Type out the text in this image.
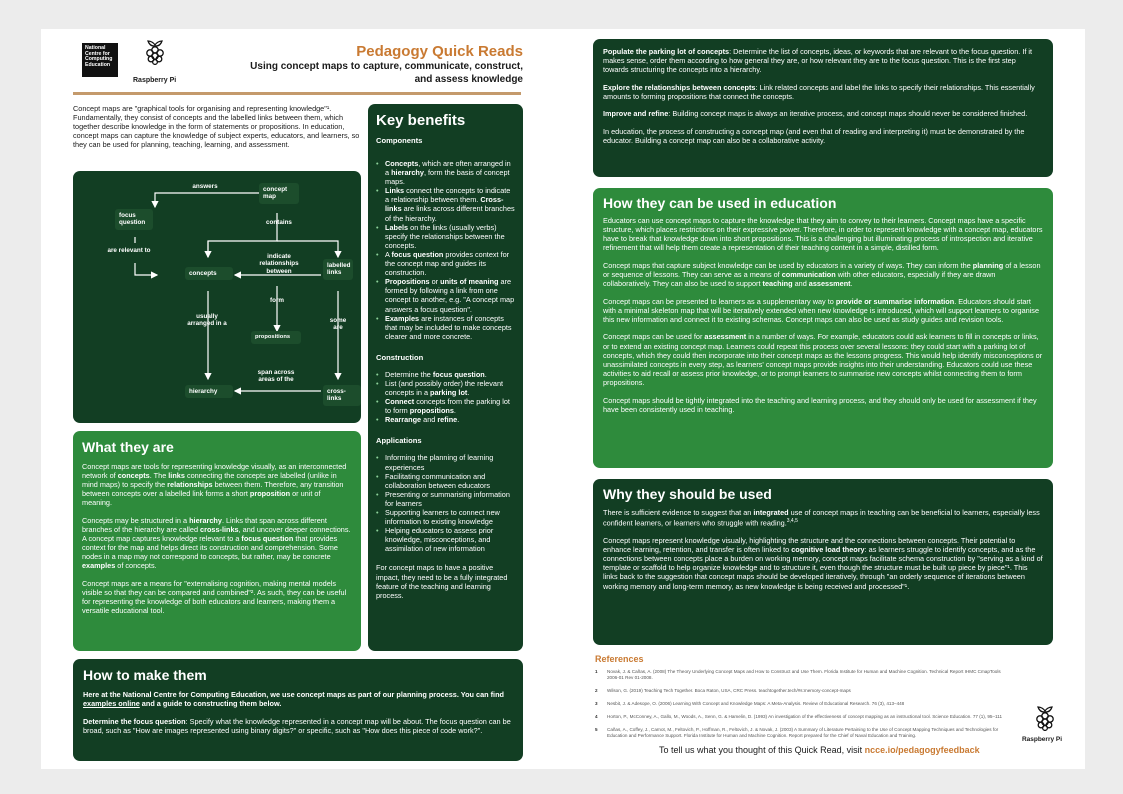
National Centre for Computing Education
Raspberry Pi
Pedagogy Quick Reads
Using concept maps to capture, communicate, construct,
and assess knowledge
Concept maps are "graphical tools for organising and representing knowledge"¹. Fundamentally, they consist of concepts and the labelled links between them, which together describe knowledge in the form of statements or propositions. In education, concept maps can capture the knowledge of subject experts, educators, and learners, so they can be used for planning, teaching, learning, and assessment.
concept map
focus question
concepts
labelled links
propositions
hierarchy	cross-links
answers
contains
are relevant to
indicate relationships between
form
usually arranged in a	some are
span across areas of the
What they are
Concept maps are tools for representing knowledge visually, as an interconnected network of concepts. The links connecting the concepts are labelled (unlike in mind maps) to specify the relationships between them. Therefore, any transition between concepts over a labelled link forms a short proposition or unit of meaning.
Concepts may be structured in a hierarchy. Links that span across different branches of the hierarchy are called cross-links, and uncover deeper connections. A concept map captures knowledge relevant to a focus question that provides context for the map and helps direct its construction and comprehension. Some nodes in a map may not correspond to concepts, but rather, may be concrete examples of concepts.
Concept maps are a means for "externalising cognition, making mental models visible so that they can be compared and combined"². As such, they can be useful for representing the knowledge of both educators and learners, making them a versatile educational tool.
Key benefits
Components
• Concepts, which are often arranged in a hierarchy, form the basis of concept maps.
• Links connect the concepts to indicate a relationship between them. Cross-links are links across different branches of the hierarchy.
• Labels on the links (usually verbs) specify the relationships between the concepts.
• A focus question provides context for the concept map and guides its construction.
• Propositions or units of meaning are formed by following a link from one concept to another, e.g. "A concept map answers a focus question".
• Examples are instances of concepts that may be included to make concepts clearer and more concrete.
Construction
• Determine the focus question.
• List (and possibly order) the relevant concepts in a parking lot.
• Connect concepts from the parking lot to form propositions.
• Rearrange and refine.
Applications
• Informing the planning of learning experiences
• Facilitating communication and collaboration between educators
• Presenting or summarising information for learners
• Supporting learners to connect new information to existing knowledge
• Helping educators to assess prior knowledge, misconceptions, and assimilation of new information
For concept maps to have a positive impact, they need to be a fully integrated feature of the teaching and learning process.
How to make them
Here at the National Centre for Computing Education, we use concept maps as part of our planning process. You can find examples online and a guide to constructing them below.
Determine the focus question: Specify what the knowledge represented in a concept map will be about. The focus question can be broad, such as "How are images represented using binary digits?" or specific, such as "How does this piece of code work?".
Populate the parking lot of concepts: Determine the list of concepts, ideas, or keywords that are relevant to the focus question. If it makes sense, order them according to how general they are, or how relevant they are to the focus question. This is the first step towards structuring the concepts into a hierarchy.
Explore the relationships between concepts: Link related concepts and label the links to specify their relationships. This essentially amounts to forming propositions that connect the concepts.
Improve and refine: Building concept maps is always an iterative process, and concept maps should never be considered finished.
In education, the process of constructing a concept map (and even that of reading and interpreting it) must be demonstrated by the educator. Building a concept map can also be a collaborative activity.
How they can be used in education
Educators can use concept maps to capture the knowledge that they aim to convey to their learners. Concept maps have a specific structure, which places restrictions on their expressive power. Therefore, in order to represent knowledge with a concept map, educators have to break that knowledge down into short propositions. This is a challenging but illuminating process of introspection and iterative refinement that will help them create a representation of their teaching content in a simple, distilled form.
Concept maps that capture subject knowledge can be used by educators in a variety of ways. They can inform the planning of a lesson or sequence of lessons. They can serve as a means of communication with other educators, especially if they are drawn collaboratively. They can also be used to support teaching and assessment.
Concept maps can be presented to learners as a supplementary way to provide or summarise information. Educators should start with a minimal skeleton map that will be iteratively extended when new knowledge is introduced, which will support learners to organise this new information and connect it to existing schemas. Concept maps can also be used as study guides and revision tools.
Concept maps can be used for assessment in a number of ways. For example, educators could ask learners to fill in concepts or links, or to extend an existing concept map. Learners could repeat this process over several lessons: they could start with a parking lot of concepts, which they could then incorporate into their concept maps as the lessons progress. This would help identify misconceptions or unassimilated concepts in every step, as learners' concept maps provide insights into their understanding. Educators could use these activities to aid recall or assess prior knowledge, or to prompt learners to summarise new concepts whilst connecting them to form propositions.
Concept maps should be tightly integrated into the teaching and learning process, and they should only be used for assessment if they have been consistently used in teaching.
Why they should be used
There is sufficient evidence to suggest that an integrated use of concept maps in teaching can be beneficial to learners, especially less confident learners, or learners who struggle with reading.$^{3,4,5}$
Concept maps represent knowledge visually, highlighting the structure and the connections between concepts. Their potential to enhance learning, retention, and transfer is often linked to cognitive load theory: as learners struggle to identify concepts, and as the connections between concepts place a burden on working memory, concept maps facilitate schema construction by "serving as a kind of template or scaffold to help organize knowledge and to structure it, even though the structure must be built up piece by piece"¹. This links back to the suggestion that concept maps should be developed iteratively, through "an orderly sequence of iterations between working memory and long-term memory, as new knowledge is being received and processed"¹.
References
1 Novak, J. & Cañas, A. (2008) The Theory Underlying Concept Maps and How to Construct and Use Them. Florida Institute for Human and Machine Cognition. Technical Report IHMC CmapTools 2006-01 Rev 01-2008.
2 Wilson, G. (2019) Teaching Tech Together. Boca Raton, USA, CRC Press. teachtogether.tech/#s:memory-concept-maps
3 Nesbit, J. & Adesope, O. (2006) Learning With Concept and Knowledge Maps: A Meta-Analysis. Review of Educational Research. 76 (3), 413–448
4 Horton, P., McConney, A., Gallo, M., Woods, A., Senn, G. & Hamelin, D. (1993) An investigation of the effectiveness of concept mapping as an instructional tool. Science Education. 77 (1), 95–111
5 Cañas, A., Coffey, J., Carnot, M., Feltovich, P., Hoffman, R., Feltovich, J. & Novak, J. (2003) A Summary of Literature Pertaining to the Use of Concept Mapping Techniques and Technologies for Education and Performance Support. Florida Institute for Human and Machine Cognition. Report prepared for the Chief of Naval Education and Training.
To tell us what you thought of this Quick Read, visit ncce.io/pedagogyfeedback
Raspberry Pi
